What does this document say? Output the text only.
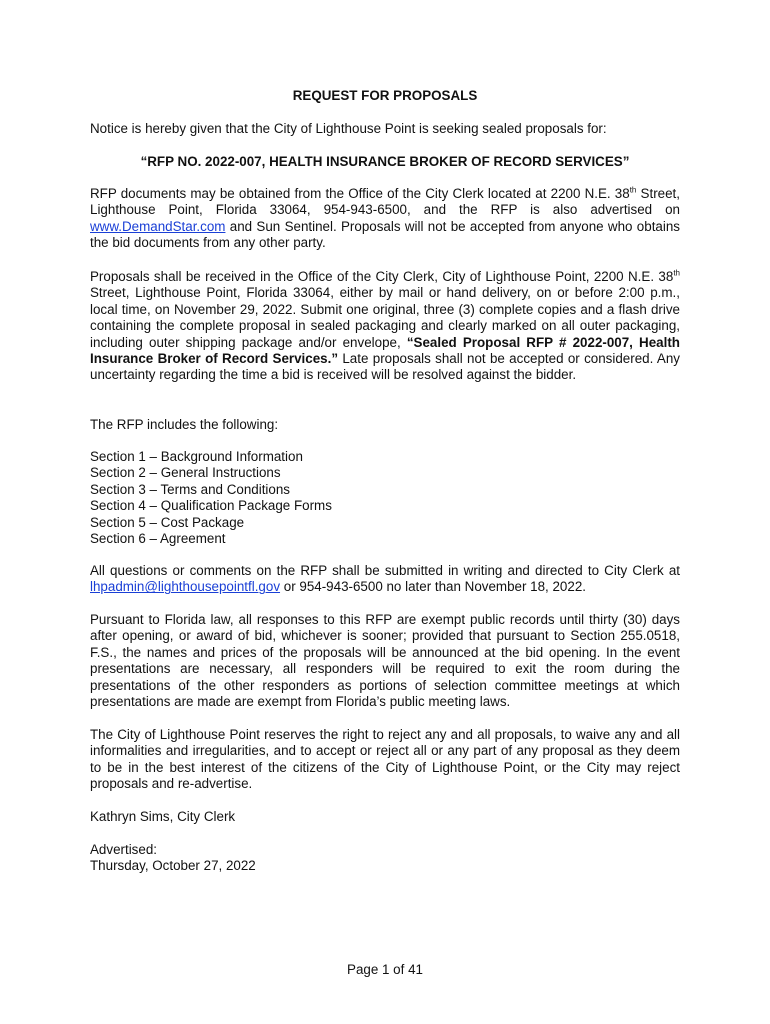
REQUEST FOR PROPOSALS
Notice is hereby given that the City of Lighthouse Point is seeking sealed proposals for:
“RFP NO. 2022-007, HEALTH INSURANCE BROKER OF RECORD SERVICES”

RFP documents may be obtained from the Office of the City Clerk located at 2200 N.E. 38th Street, Lighthouse Point, Florida 33064, 954-943-6500, and the RFP is also advertised on www.DemandStar.com and Sun Sentinel. Proposals will not be accepted from anyone who obtains the bid documents from any other party.

Proposals shall be received in the Office of the City Clerk, City of Lighthouse Point, 2200 N.E. 38th Street, Lighthouse Point, Florida 33064, either by mail or hand delivery, on or before 2:00 p.m., local time, on November 29, 2022. Submit one original, three (3) complete copies and a flash drive containing the complete proposal in sealed packaging and clearly marked on all outer packaging, including outer shipping package and/or envelope, “Sealed Proposal RFP # 2022-007, Health Insurance Broker of Record Services.” Late proposals shall not be accepted or considered. Any uncertainty regarding the time a bid is received will be resolved against the bidder.

The RFP includes the following:
Section 1 – Background Information
Section 2 – General Instructions
Section 3 – Terms and Conditions
Section 4 – Qualification Package Forms
Section 5 – Cost Package
Section 6 – Agreement

All questions or comments on the RFP shall be submitted in writing and directed to City Clerk at lhpadmin@lighthousepointfl.gov or 954-943-6500 no later than November 18, 2022.

Pursuant to Florida law, all responses to this RFP are exempt public records until thirty (30) days after opening, or award of bid, whichever is sooner; provided that pursuant to Section 255.0518, F.S., the names and prices of the proposals will be announced at the bid opening. In the event presentations are necessary, all responders will be required to exit the room during the presentations of the other responders as portions of selection committee meetings at which presentations are made are exempt from Florida’s public meeting laws.

The City of Lighthouse Point reserves the right to reject any and all proposals, to waive any and all informalities and irregularities, and to accept or reject all or any part of any proposal as they deem to be in the best interest of the citizens of the City of Lighthouse Point, or the City may reject proposals and re-advertise.

Kathryn Sims, City Clerk
Advertised:
Thursday, October 27, 2022
Page 1 of 41
